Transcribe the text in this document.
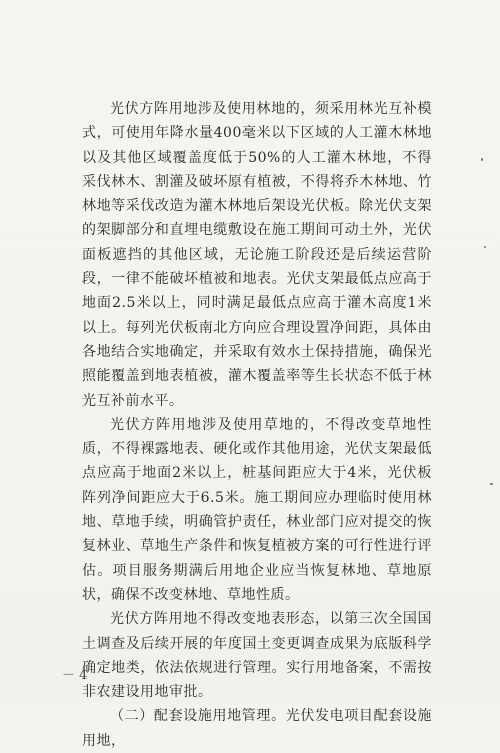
光伏方阵用地涉及使用林地的，须采用林光互补模式，可使用年降水量400毫米以下区域的人工灌木林地以及其他区域覆盖度低于50%的人工灌木林地，不得采伐林木、割灌及破坏原有植被，不得将乔木林地、竹林地等采伐改造为灌木林地后架设光伏板。除光伏支架的架脚部分和直埋电缆敷设在施工期间可动土外，光伏面板遮挡的其他区域，无论施工阶段还是后续运营阶段，一律不能破坏植被和地表。光伏支架最低点应高于地面2.5米以上，同时满足最低点应高于灌木高度1米以上。每列光伏板南北方向应合理设置净间距，具体由各地结合实地确定，并采取有效水土保持措施，确保光照能覆盖到地表植被，灌木覆盖率等生长状态不低于林光互补前水平。

光伏方阵用地涉及使用草地的，不得改变草地性质，不得裸露地表、硬化或作其他用途，光伏支架最低点应高于地面2米以上，桩基间距应大于4米，光伏板阵列净间距应大于6.5米。施工期间应办理临时使用林地、草地手续，明确管护责任，林业部门应对提交的恢复林业、草地生产条件和恢复植被方案的可行性进行评估。项目服务期满后用地企业应当恢复林地、草地原状，确保不改变林地、草地性质。

光伏方阵用地不得改变地表形态，以第三次全国国土调查及后续开展的年度国土变更调查成果为底版科学确定地类，依法依规进行管理。实行用地备案，不需按非农建设用地审批。

（二）配套设施用地管理。光伏发电项目配套设施用地，

－ 4
